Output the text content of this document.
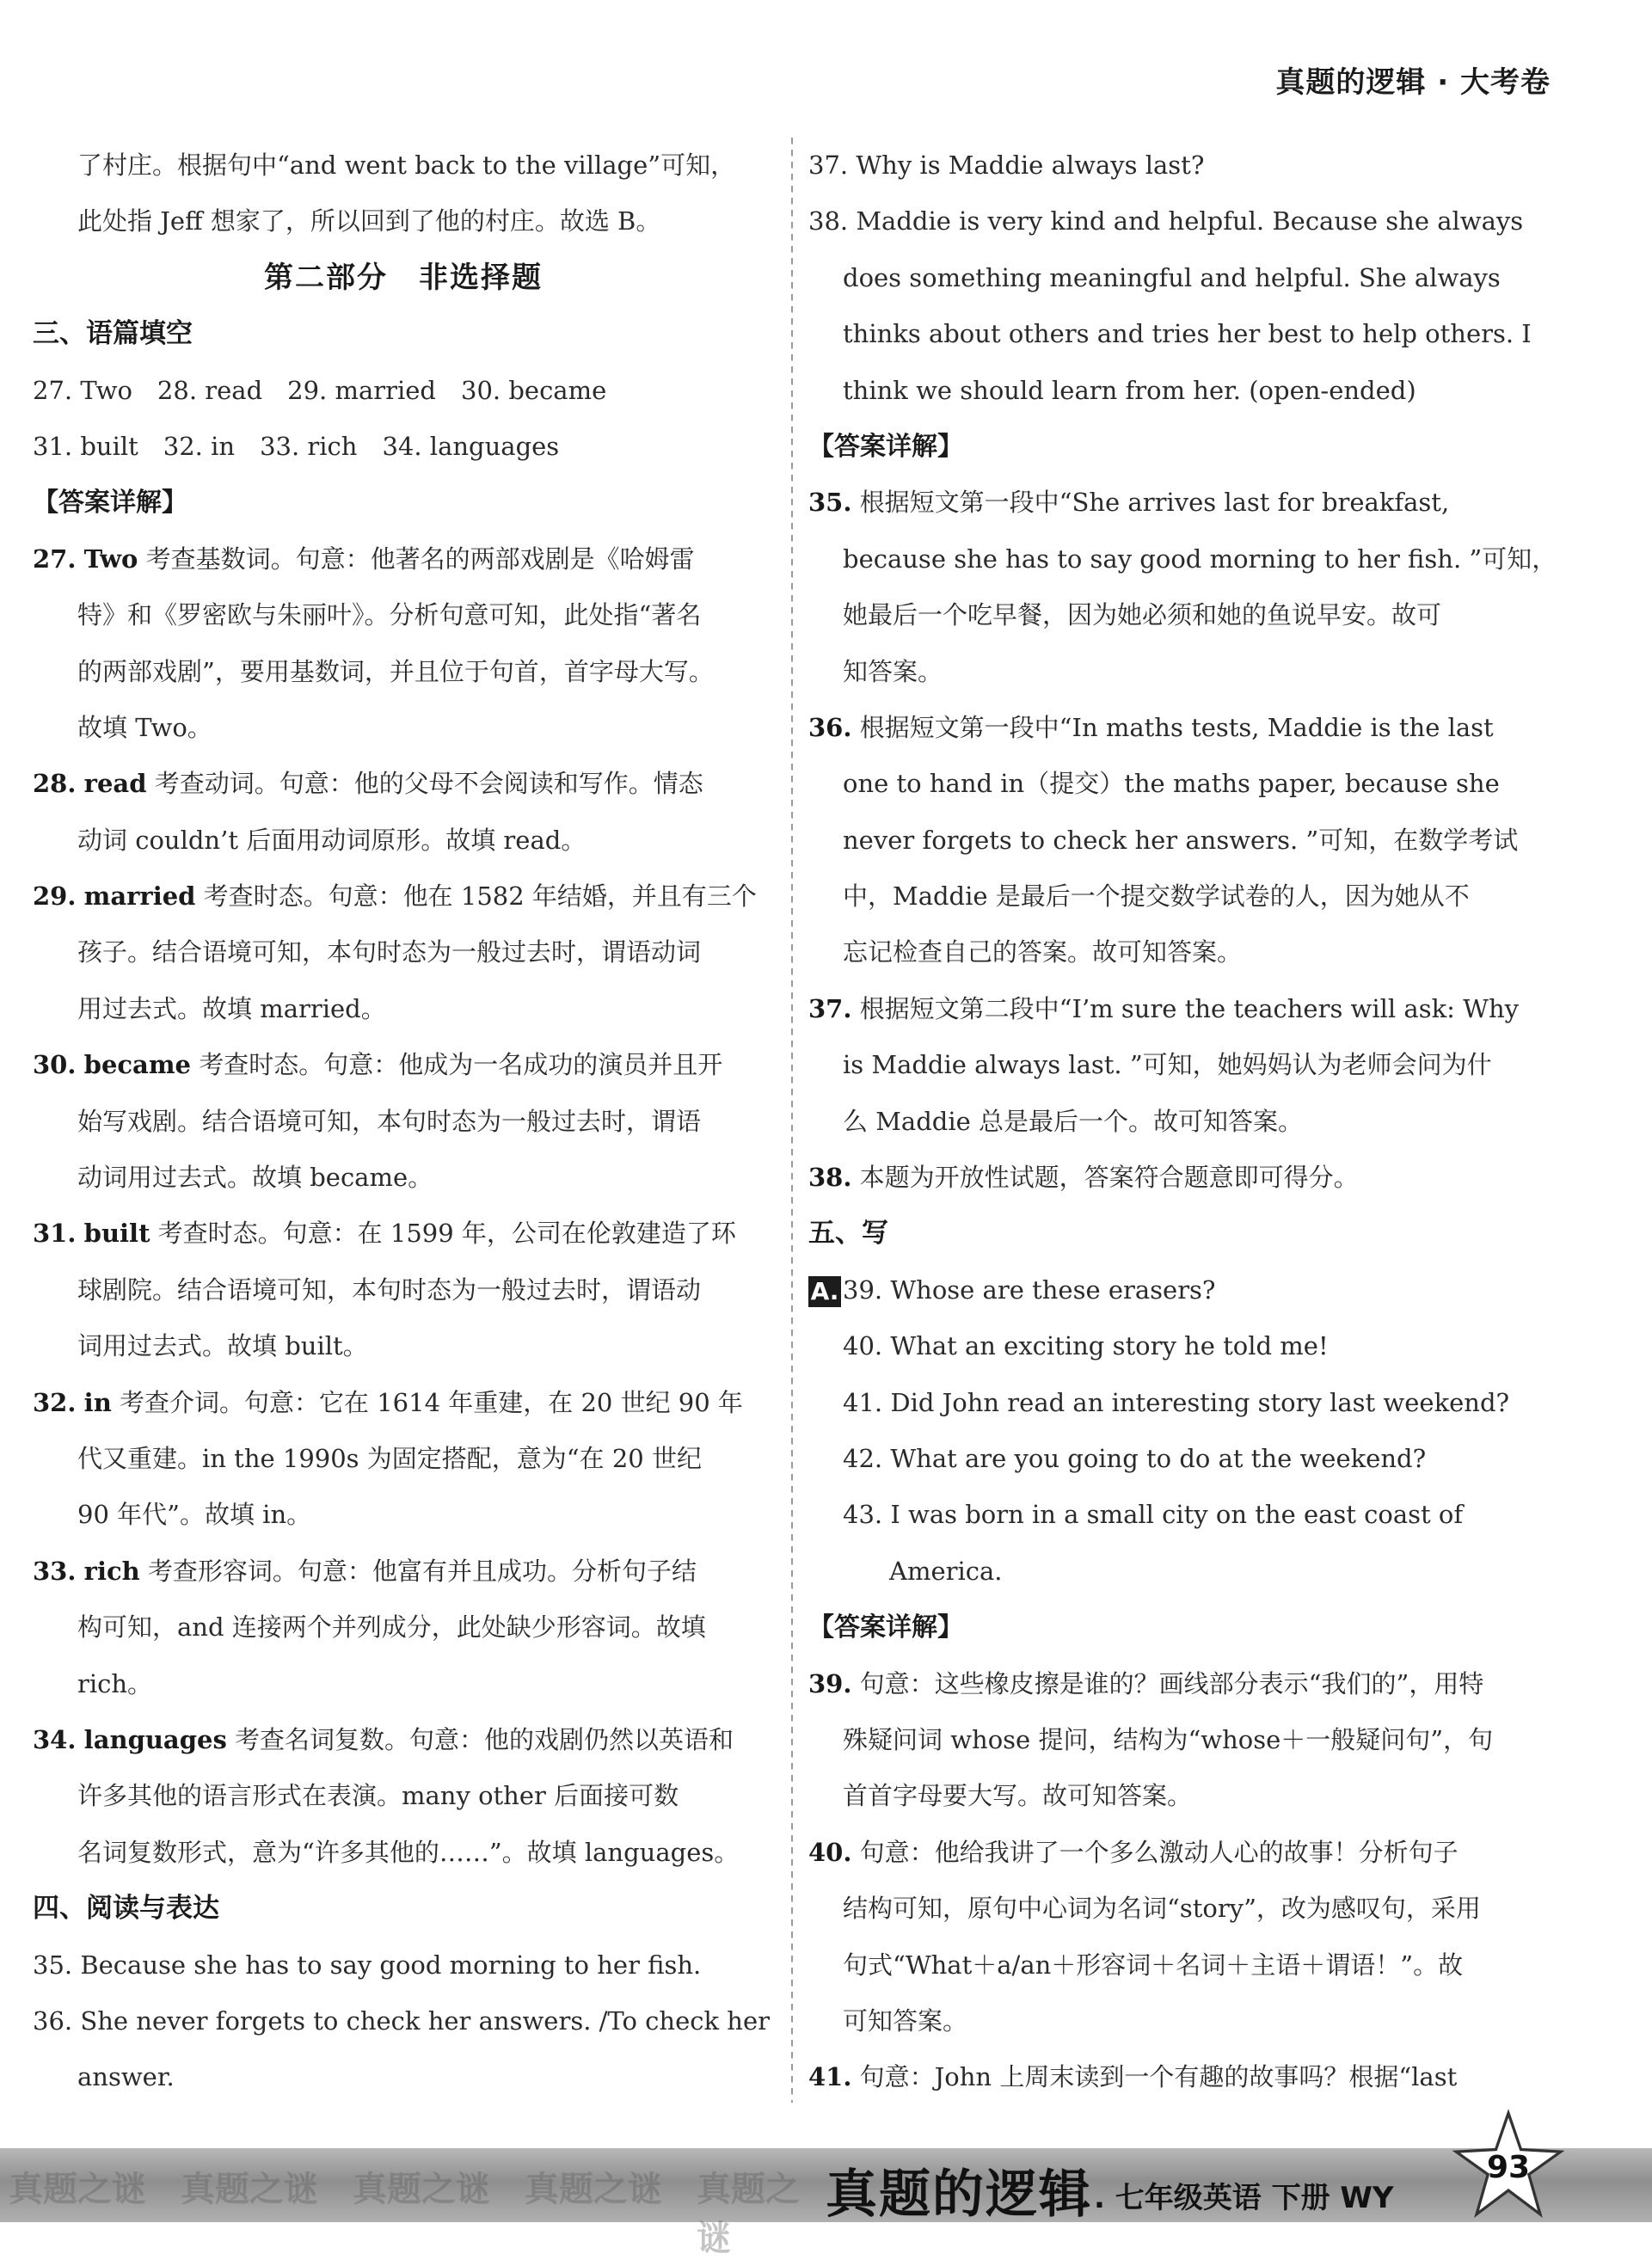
真题的逻辑 · 大考卷
了村庄。根据句中“and went back to the village”可知，
此处指 Jeff 想家了，所以回到了他的村庄。故选 B。
第二部分　非选择题
三、语篇填空
27. Two　28. read　29. married　30. became
31. built　32. in　33. rich　34. languages
【答案详解】
27. Two 考查基数词。句意：他著名的两部戏剧是《哈姆雷
特》和《罗密欧与朱丽叶》。分析句意可知，此处指“著名
的两部戏剧”，要用基数词，并且位于句首，首字母大写。
故填 Two。
28. read 考查动词。句意：他的父母不会阅读和写作。情态
动词 couldn’t 后面用动词原形。故填 read。
29. married 考查时态。句意：他在 1582 年结婚，并且有三个
孩子。结合语境可知，本句时态为一般过去时，谓语动词
用过去式。故填 married。
30. became 考查时态。句意：他成为一名成功的演员并且开
始写戏剧。结合语境可知，本句时态为一般过去时，谓语
动词用过去式。故填 became。
31. built 考查时态。句意：在 1599 年，公司在伦敦建造了环
球剧院。结合语境可知，本句时态为一般过去时，谓语动
词用过去式。故填 built。
32. in 考查介词。句意：它在 1614 年重建，在 20 世纪 90 年
代又重建。in the 1990s 为固定搭配，意为“在 20 世纪
90 年代”。故填 in。
33. rich 考查形容词。句意：他富有并且成功。分析句子结
构可知，and 连接两个并列成分，此处缺少形容词。故填
rich。
34. languages 考查名词复数。句意：他的戏剧仍然以英语和
许多其他的语言形式在表演。many other 后面接可数
名词复数形式，意为“许多其他的……”。故填 languages。
四、阅读与表达
35. Because she has to say good morning to her fish.
36. She never forgets to check her answers. /To check her
answer.
37. Why is Maddie always last?
38. Maddie is very kind and helpful. Because she always
does something meaningful and helpful. She always
thinks about others and tries her best to help others. I
think we should learn from her. (open-ended)
【答案详解】
35. 根据短文第一段中“She arrives last for breakfast,
because she has to say good morning to her fish. ”可知，
她最后一个吃早餐，因为她必须和她的鱼说早安。故可
知答案。
36. 根据短文第一段中“In maths tests, Maddie is the last
one to hand in（提交）the maths paper, because she
never forgets to check her answers. ”可知，在数学考试
中，Maddie 是最后一个提交数学试卷的人，因为她从不
忘记检查自己的答案。故可知答案。
37. 根据短文第二段中“I’m sure the teachers will ask: Why
is Maddie always last. ”可知，她妈妈认为老师会问为什
么 Maddie 总是最后一个。故可知答案。
38. 本题为开放性试题，答案符合题意即可得分。
五、写
A. 39. Whose are these erasers?
40. What an exciting story he told me!
41. Did John read an interesting story last weekend?
42. What are you going to do at the weekend?
43. I was born in a small city on the east coast of
America.
【答案详解】
39. 句意：这些橡皮擦是谁的？画线部分表示“我们的”，用特
殊疑问词 whose 提问，结构为“whose＋一般疑问句”，句
首首字母要大写。故可知答案。
40. 句意：他给我讲了一个多么激动人心的故事！分析句子
结构可知，原句中心词为名词“story”，改为感叹句，采用
句式“What＋a/an＋形容词＋名词＋主语＋谓语！”。故
可知答案。
41. 句意：John 上周末读到一个有趣的故事吗？根据“last
真题之谜 真题之谜 真题之谜 真题之谜 真题之谜
真题的逻辑 . 七年级英语 下册 WY
93
